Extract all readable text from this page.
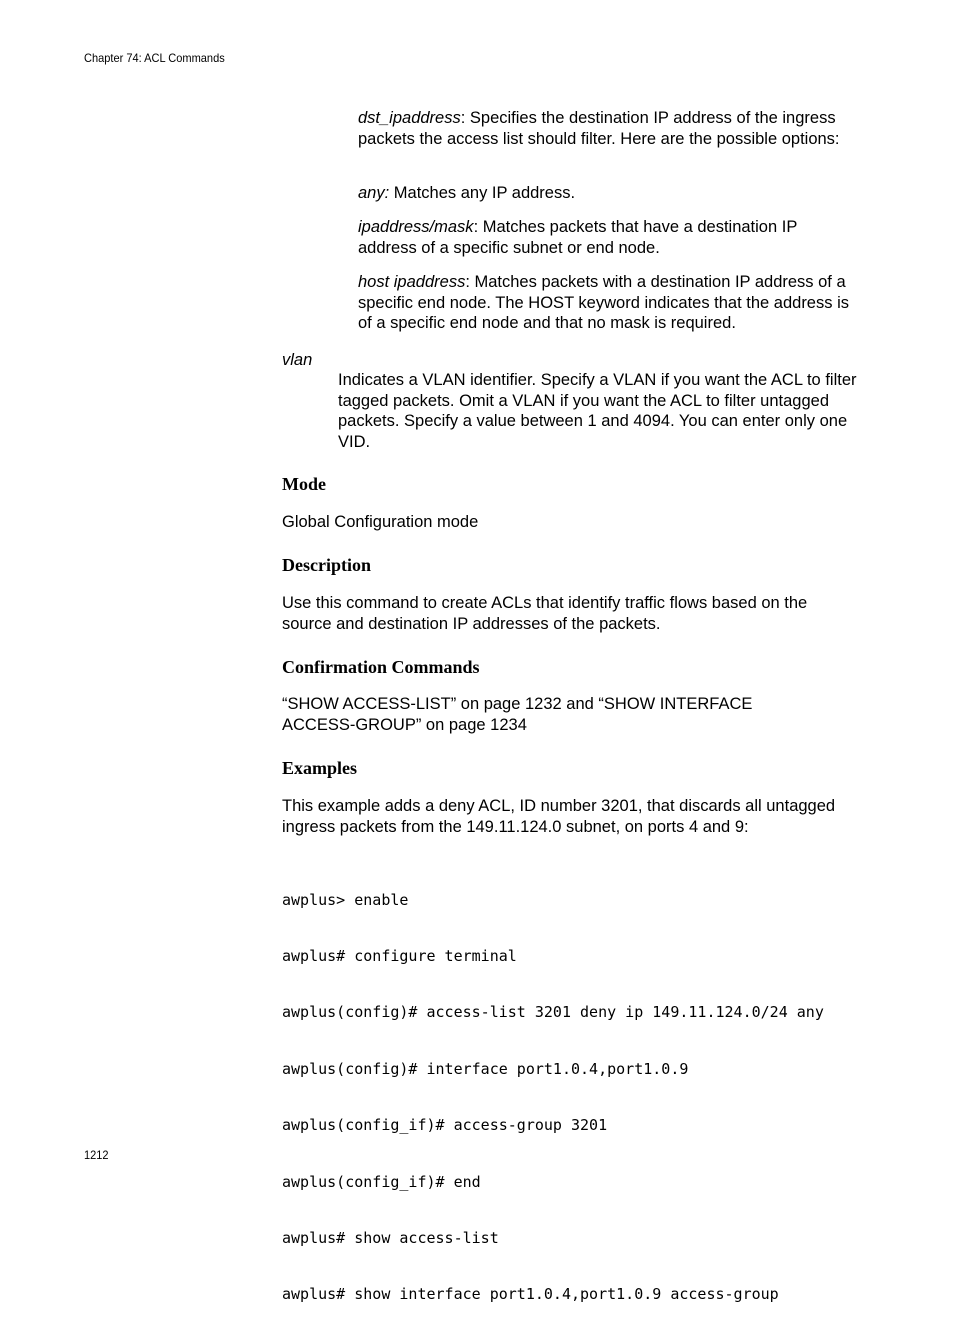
Chapter 74: ACL Commands
dst_ipaddress: Specifies the destination IP address of the ingress packets the access list should filter. Here are the possible options:
any: Matches any IP address.
ipaddress/mask: Matches packets that have a destination IP address of a specific subnet or end node.
host ipaddress: Matches packets with a destination IP address of a specific end node. The HOST keyword indicates that the address is of a specific end node and that no mask is required.
vlan
Indicates a VLAN identifier. Specify a VLAN if you want the ACL to filter tagged packets. Omit a VLAN if you want the ACL to filter untagged packets. Specify a value between 1 and 4094. You can enter only one VID.
Mode
Global Configuration mode
Description
Use this command to create ACLs that identify traffic flows based on the source and destination IP addresses of the packets.
Confirmation Commands
“SHOW ACCESS-LIST” on page 1232 and “SHOW INTERFACE ACCESS-GROUP” on page 1234
Examples
This example adds a deny ACL, ID number 3201, that discards all untagged ingress packets from the 149.11.124.0 subnet, on ports 4 and 9:

awplus> enable

awplus# configure terminal

awplus(config)# access-list 3201 deny ip 149.11.124.0/24 any

awplus(config)# interface port1.0.4,port1.0.9

awplus(config_if)# access-group 3201

awplus(config_if)# end

awplus# show access-list

awplus# show interface port1.0.4,port1.0.9 access-group

1212
